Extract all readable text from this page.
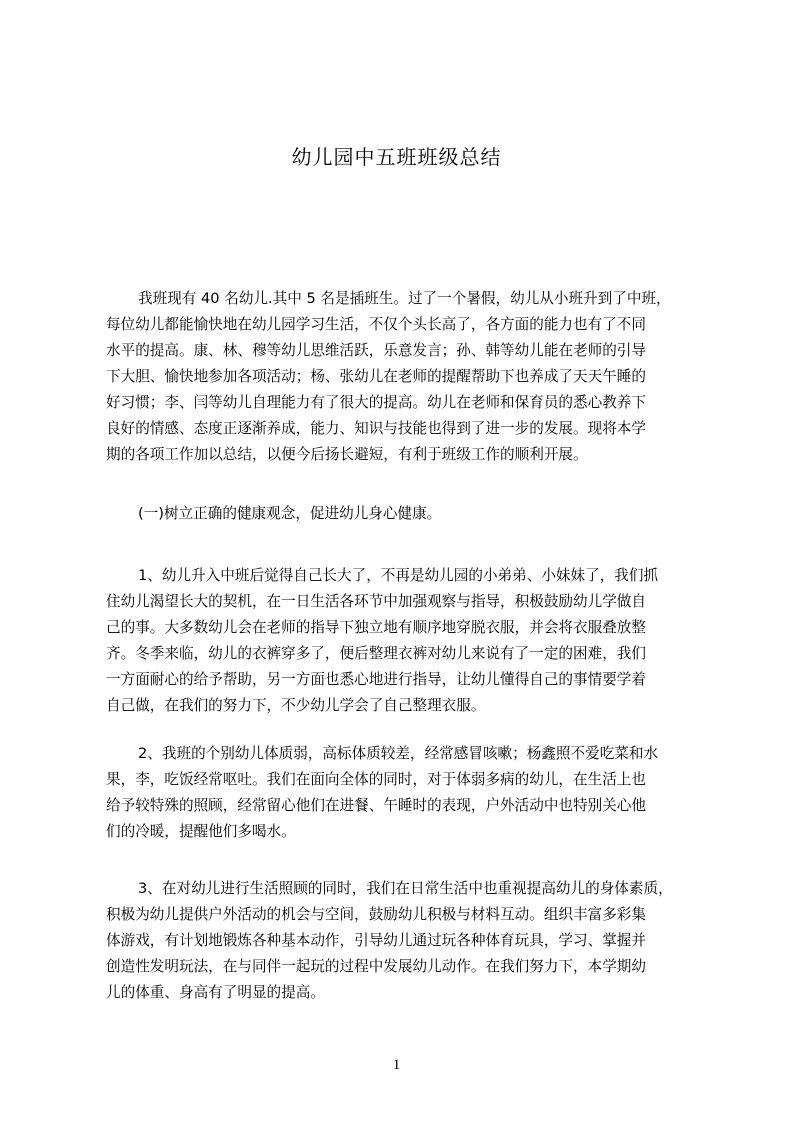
幼儿园中五班班级总结
我班现有 40 名幼儿.其中 5 名是插班生。过了一个暑假，幼儿从小班升到了中班，
每位幼儿都能愉快地在幼儿园学习生活，不仅个头长高了，各方面的能力也有了不同
水平的提高。康、林、穆等幼儿思维活跃，乐意发言；孙、韩等幼儿能在老师的引导
下大胆、愉快地参加各项活动；杨、张幼儿在老师的提醒帮助下也养成了天天午睡的
好习惯；李、闫等幼儿自理能力有了很大的提高。幼儿在老师和保育员的悉心教养下
良好的情感、态度正逐渐养成，能力、知识与技能也得到了进一步的发展。现将本学
期的各项工作加以总结，以便今后扬长避短，有利于班级工作的顺利开展。

(一)树立正确的健康观念，促进幼儿身心健康。

1、幼儿升入中班后觉得自己长大了，不再是幼儿园的小弟弟、小妹妹了，我们抓
住幼儿渴望长大的契机，在一日生活各环节中加强观察与指导，积极鼓励幼儿学做自
己的事。大多数幼儿会在老师的指导下独立地有顺序地穿脱衣服，并会将衣服叠放整
齐。冬季来临，幼儿的衣裤穿多了，便后整理衣裤对幼儿来说有了一定的困难，我们
一方面耐心的给予帮助，另一方面也悉心地进行指导，让幼儿懂得自己的事情要学着
自己做，在我们的努力下，不少幼儿学会了自己整理衣服。
2、我班的个别幼儿体质弱，高标体质较差，经常感冒咳嗽；杨鑫照不爱吃菜和水
果，李，吃饭经常呕吐。我们在面向全体的同时，对于体弱多病的幼儿，在生活上也
给予较特殊的照顾，经常留心他们在进餐、午睡时的表现，户外活动中也特别关心他
们的冷暖，提醒他们多喝水。
3、在对幼儿进行生活照顾的同时，我们在日常生活中也重视提高幼儿的身体素质，
积极为幼儿提供户外活动的机会与空间，鼓励幼儿积极与材料互动。组织丰富多彩集
体游戏，有计划地锻炼各种基本动作，引导幼儿通过玩各种体育玩具，学习、掌握并
创造性发明玩法，在与同伴一起玩的过程中发展幼儿动作。在我们努力下，本学期幼
儿的体重、身高有了明显的提高。
1
